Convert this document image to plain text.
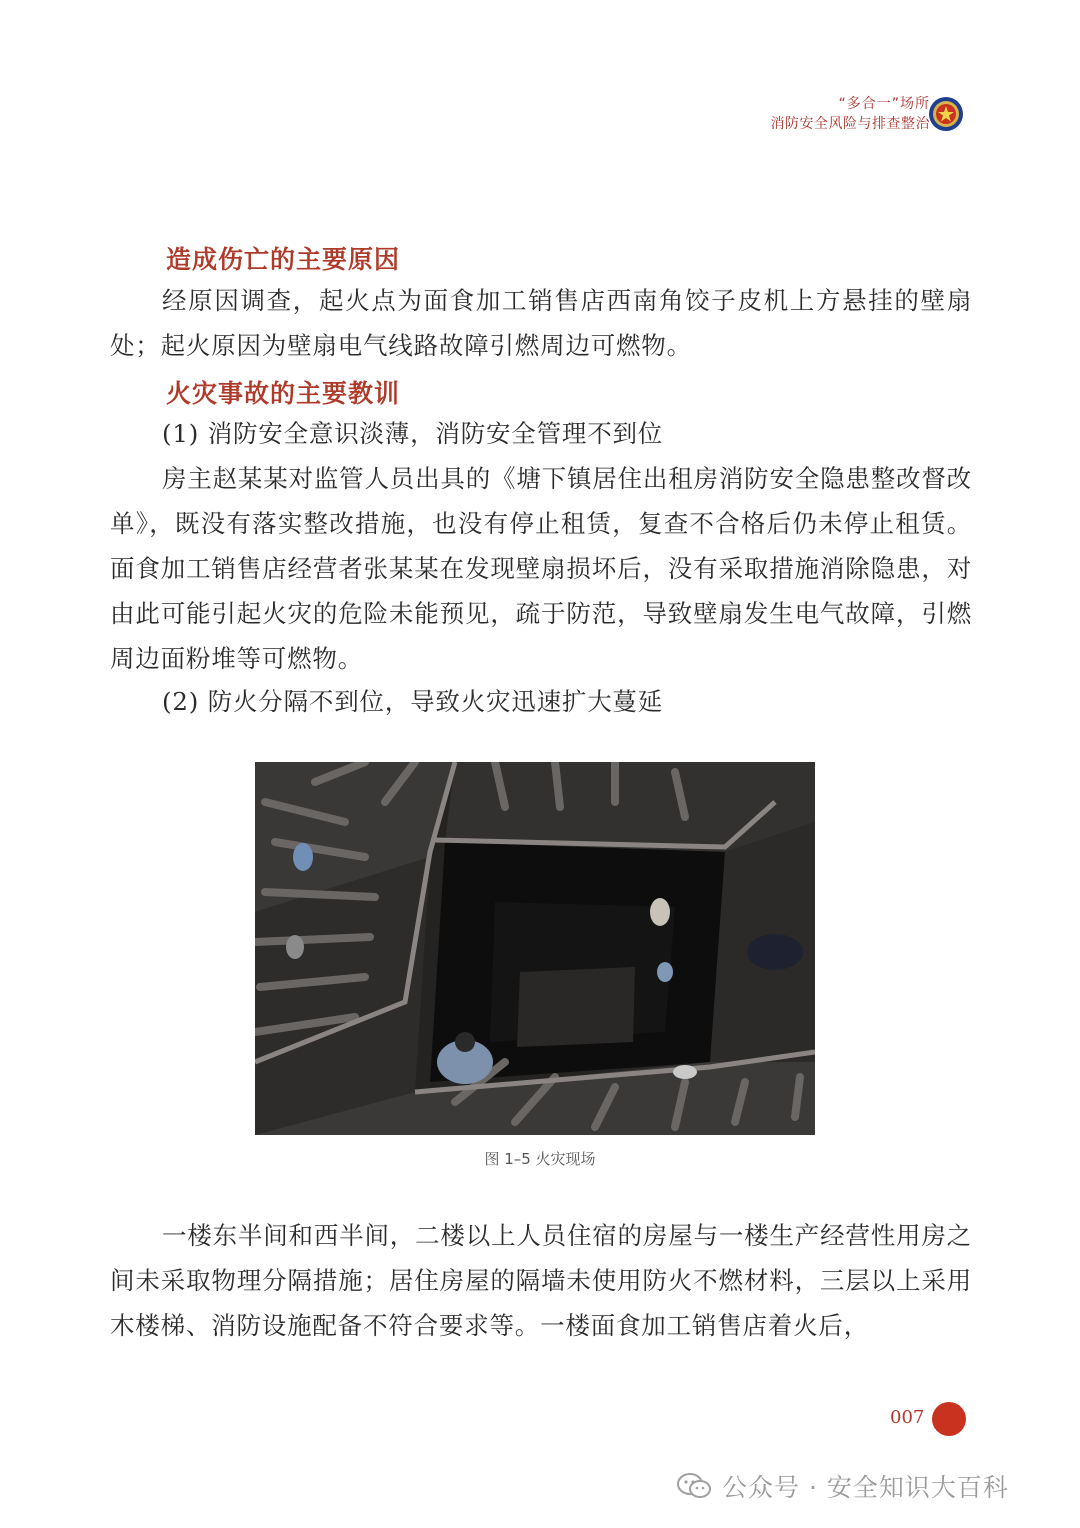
“多合一”场所
消防安全风险与排查整治
造成伤亡的主要原因

经原因调查，起火点为面食加工销售店西南角饺子皮机上方悬挂的壁扇处；起火原因为壁扇电气线路故障引燃周边可燃物。

火灾事故的主要教训

(1) 消防安全意识淡薄，消防安全管理不到位

房主赵某某对监管人员出具的《塘下镇居住出租房消防安全隐患整改督改单》，既没有落实整改措施，也没有停止租赁，复查不合格后仍未停止租赁。面食加工销售店经营者张某某在发现壁扇损坏后，没有采取措施消除隐患，对由此可能引起火灾的危险未能预见，疏于防范，导致壁扇发生电气故障，引燃周边面粉堆等可燃物。

(2) 防火分隔不到位，导致火灾迅速扩大蔓延

图 1–5 火灾现场

一楼东半间和西半间，二楼以上人员住宿的房屋与一楼生产经营性用房之间未采取物理分隔措施；居住房屋的隔墙未使用防火不燃材料，三层以上采用木楼梯、消防设施配备不符合要求等。一楼面食加工销售店着火后，

007
公众号 · 安全知识大百科
